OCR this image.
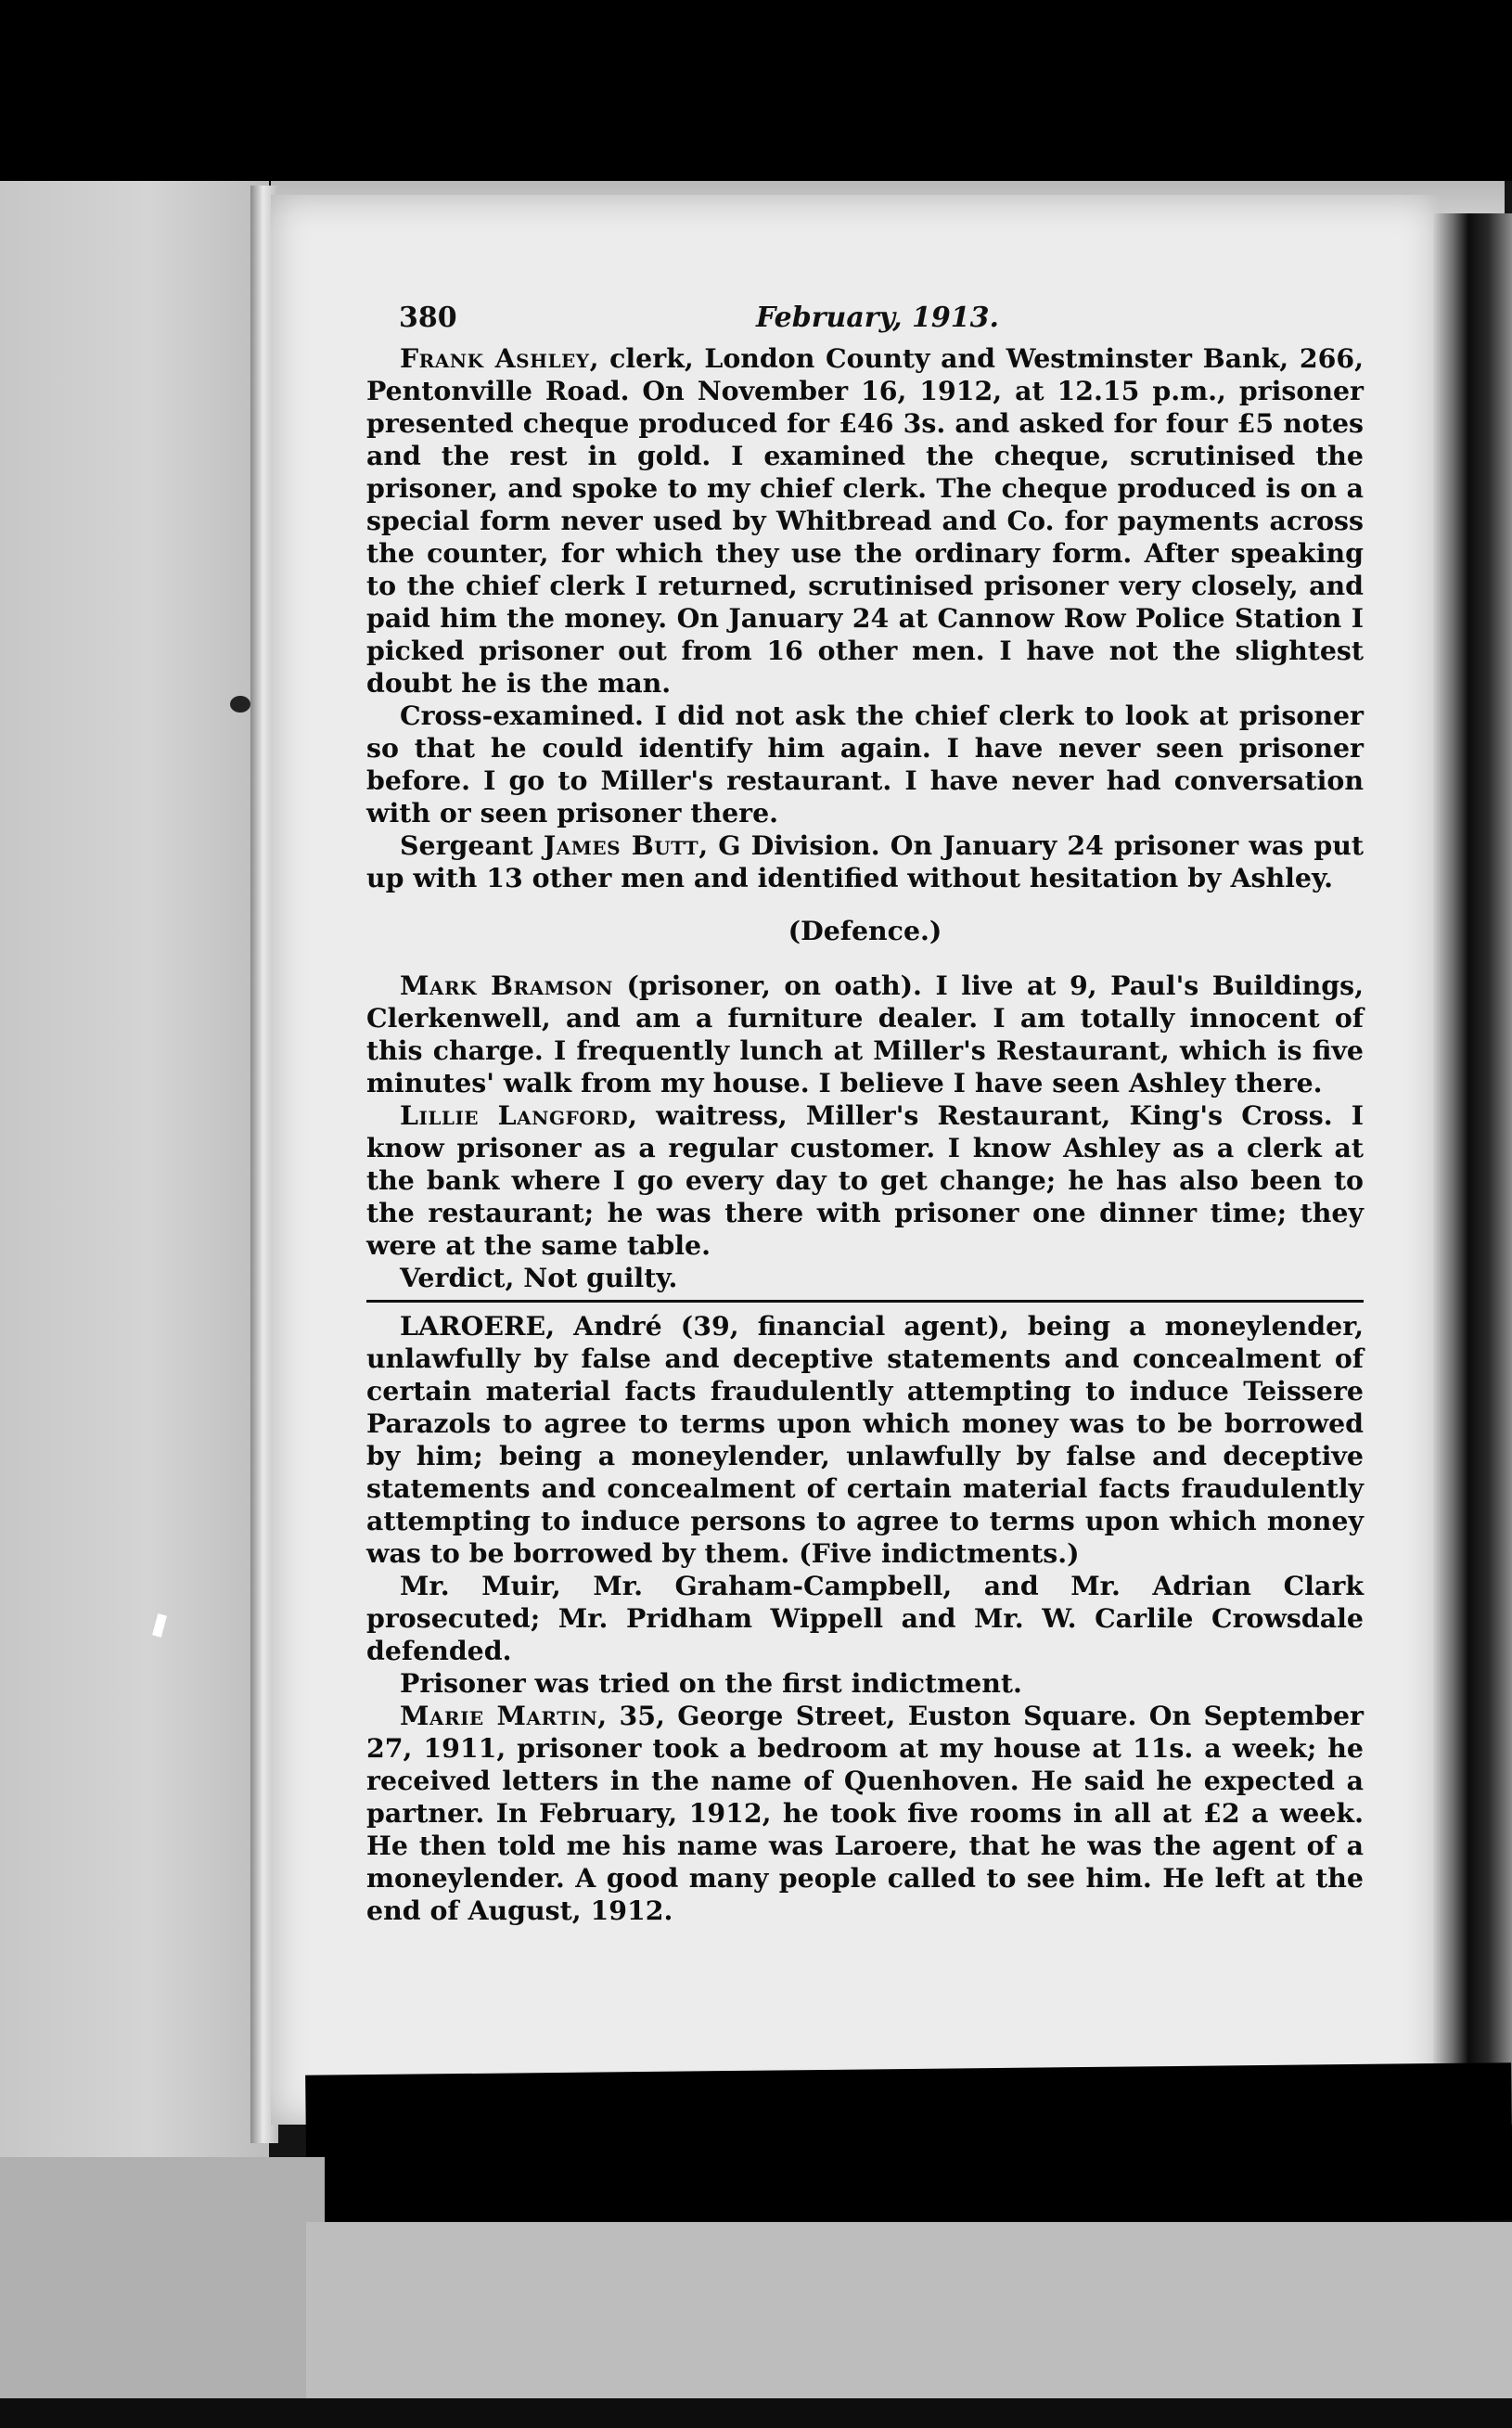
380	February, 1913.

Frank Ashley, clerk, London County and Westminster Bank, 266, Pentonville Road. On November 16, 1912, at 12.15 p.m., prisoner presented cheque produced for £46 3s. and asked for four £5 notes and the rest in gold. I examined the cheque, scrutinised the prisoner, and spoke to my chief clerk. The cheque produced is on a special form never used by Whitbread and Co. for payments across the counter, for which they use the ordinary form. After speaking to the chief clerk I returned, scrutinised prisoner very closely, and paid him the money. On January 24 at Cannow Row Police Station I picked prisoner out from 16 other men. I have not the slightest doubt he is the man.

Cross-examined. I did not ask the chief clerk to look at prisoner so that he could identify him again. I have never seen prisoner before. I go to Miller's restaurant. I have never had conversation with or seen prisoner there.

Sergeant James Butt, G Division. On January 24 prisoner was put up with 13 other men and identified without hesitation by Ashley.

(Defence.)

Mark Bramson (prisoner, on oath). I live at 9, Paul's Buildings, Clerkenwell, and am a furniture dealer. I am totally innocent of this charge. I frequently lunch at Miller's Restaurant, which is five minutes' walk from my house. I believe I have seen Ashley there.

Lillie Langford, waitress, Miller's Restaurant, King's Cross. I know prisoner as a regular customer. I know Ashley as a clerk at the bank where I go every day to get change; he has also been to the restaurant; he was there with prisoner one dinner time; they were at the same table.

Verdict, Not guilty.

LAROERE, André (39, financial agent), being a moneylender, unlawfully by false and deceptive statements and concealment of certain material facts fraudulently attempting to induce Teissere Parazols to agree to terms upon which money was to be borrowed by him; being a moneylender, unlawfully by false and deceptive statements and concealment of certain material facts fraudulently attempting to induce persons to agree to terms upon which money was to be borrowed by them. (Five indictments.)

Mr. Muir, Mr. Graham-Campbell, and Mr. Adrian Clark prosecuted; Mr. Pridham Wippell and Mr. W. Carlile Crowsdale defended.

Prisoner was tried on the first indictment.

Marie Martin, 35, George Street, Euston Square. On September 27, 1911, prisoner took a bedroom at my house at 11s. a week; he received letters in the name of Quenhoven. He said he expected a partner. In February, 1912, he took five rooms in all at £2 a week. He then told me his name was Laroere, that he was the agent of a moneylender. A good many people called to see him. He left at the end of August, 1912.
